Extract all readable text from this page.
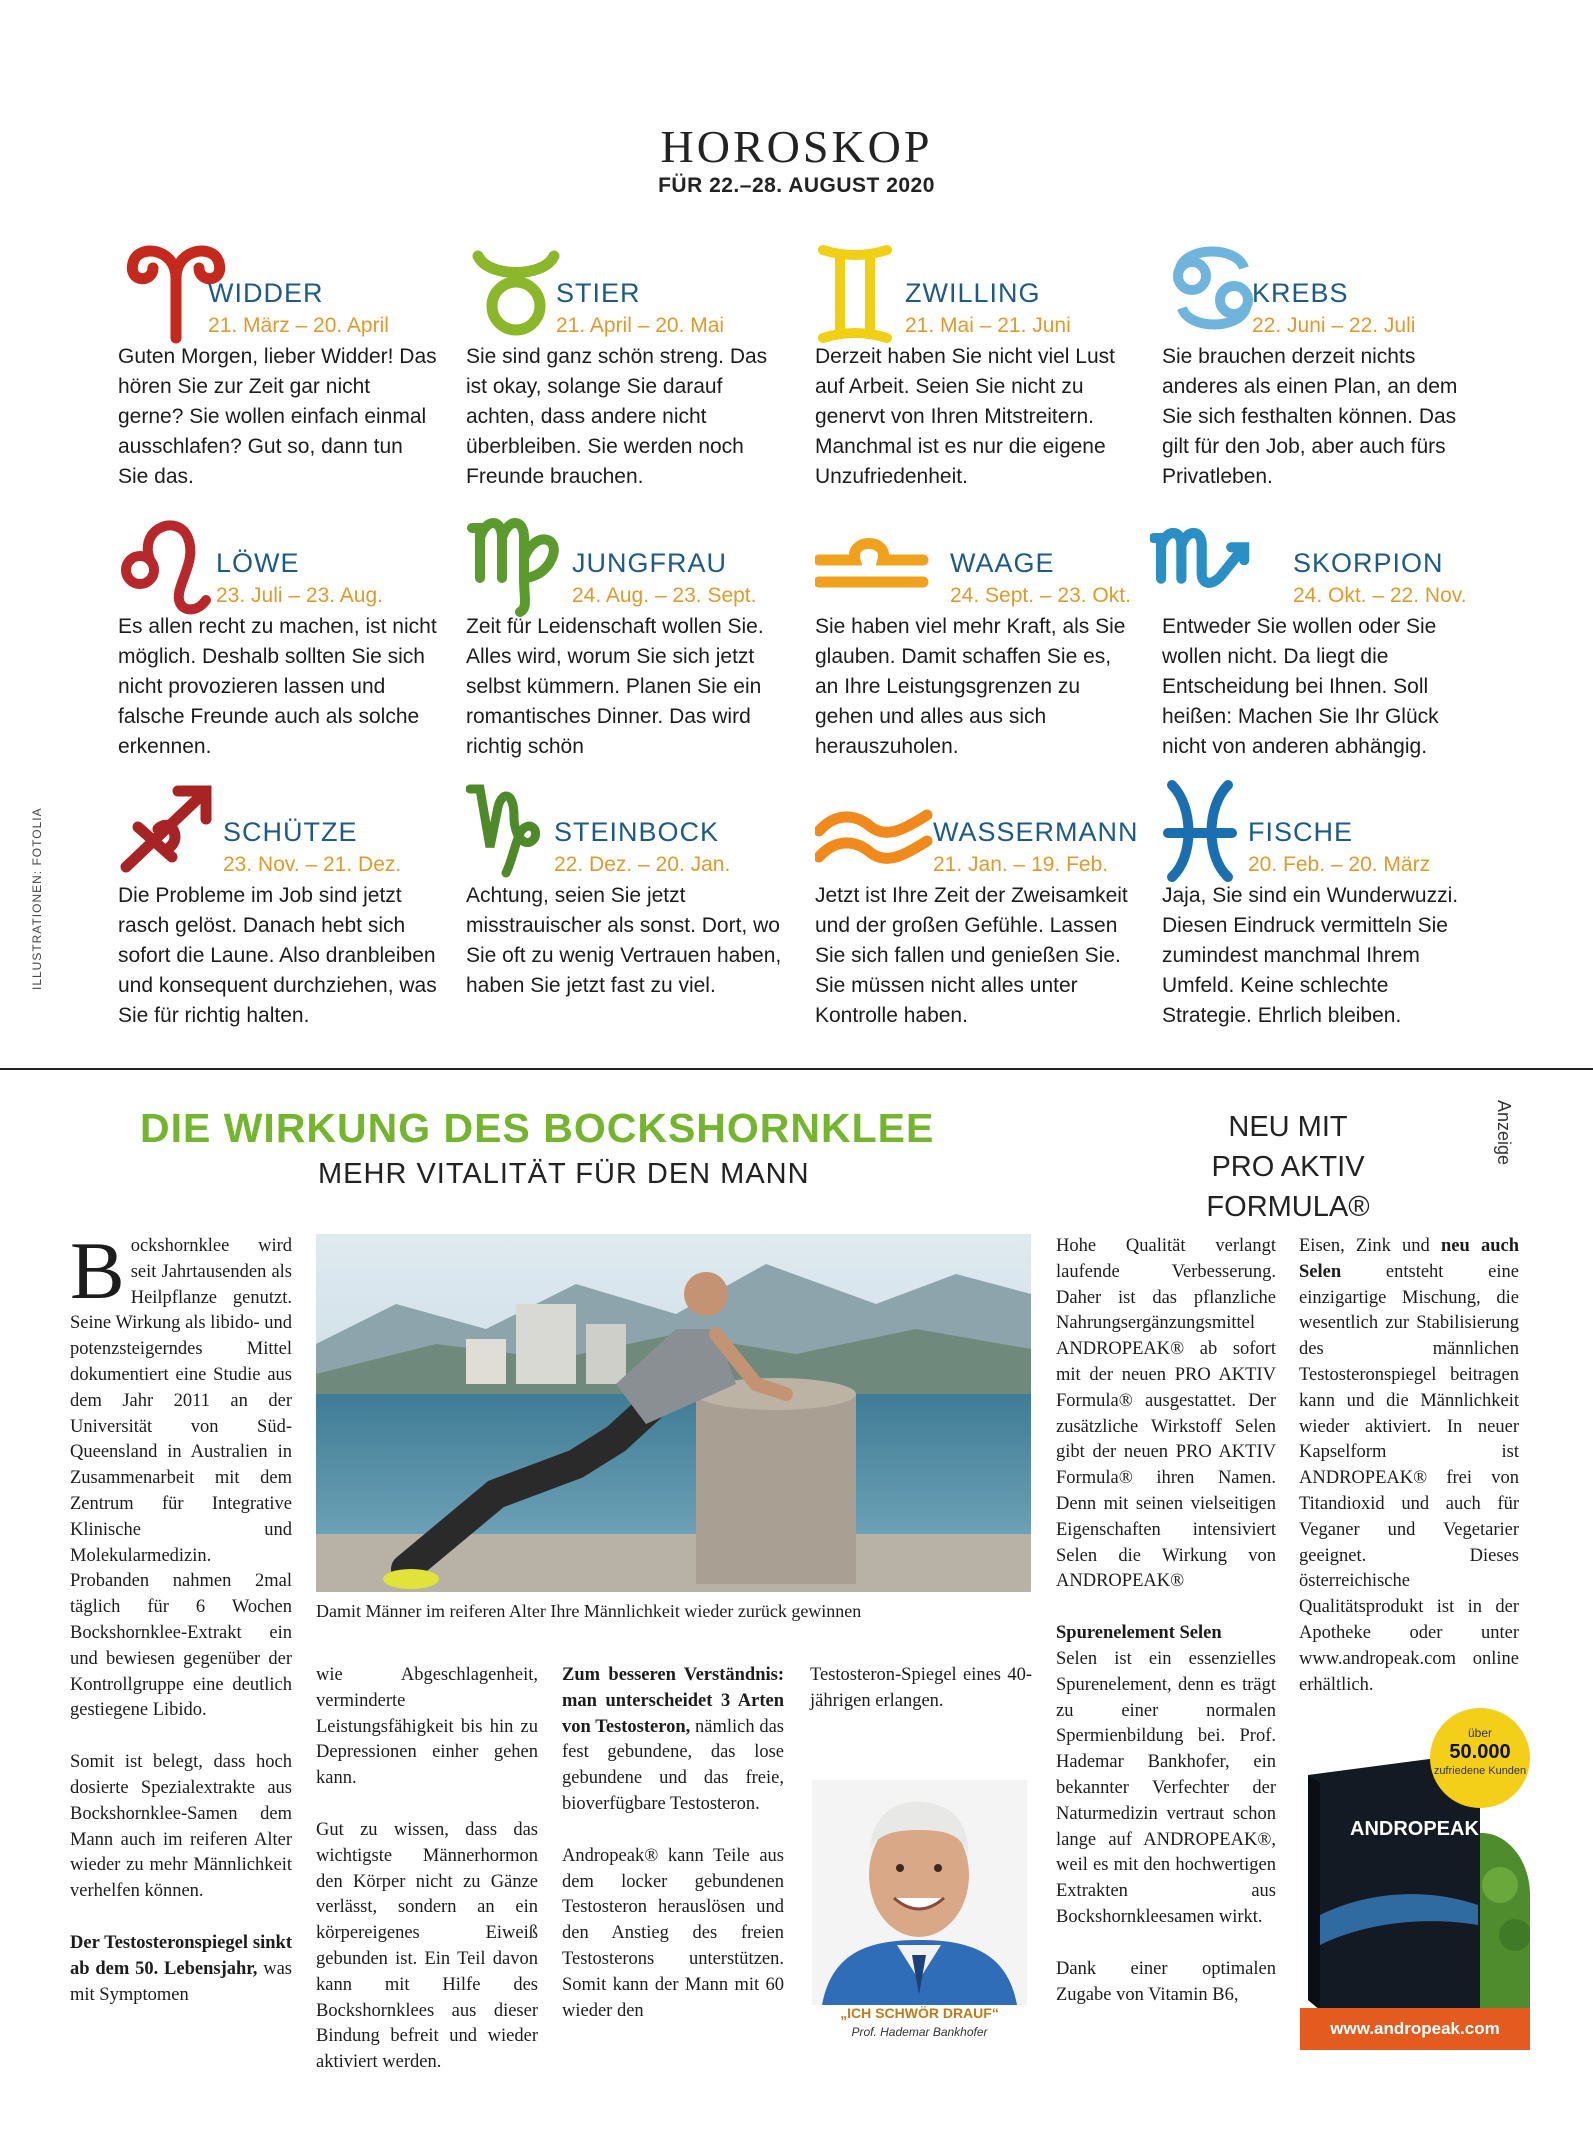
HOROSKOP
FÜR 22.–28. AUGUST 2020
ILLUSTRATIONEN: FOTOLIA
WIDDER
21. März – 20. April
Guten Morgen, lieber Widder! Das hören Sie zur Zeit gar nicht gerne? Sie wollen einfach einmal ausschlafen? Gut so, dann tun Sie das.
STIER
21. April – 20. Mai
Sie sind ganz schön streng. Das ist okay, solange Sie darauf achten, dass andere nicht überbleiben. Sie werden noch Freunde brauchen.
ZWILLING
21. Mai – 21. Juni
Derzeit haben Sie nicht viel Lust auf Arbeit. Seien Sie nicht zu genervt von Ihren Mitstreitern. Manchmal ist es nur die eigene Unzufriedenheit.
KREBS
22. Juni – 22. Juli
Sie brauchen derzeit nichts anderes als einen Plan, an dem Sie sich festhalten können. Das gilt für den Job, aber auch fürs Privatleben.
LÖWE
23. Juli – 23. Aug.
Es allen recht zu machen, ist nicht möglich. Deshalb sollten Sie sich nicht provozieren lassen und falsche Freunde auch als solche erkennen.
JUNGFRAU
24. Aug. – 23. Sept.
Zeit für Leidenschaft wollen Sie. Alles wird, worum Sie sich jetzt selbst kümmern. Planen Sie ein romantisches Dinner. Das wird richtig schön
WAAGE
24. Sept. – 23. Okt.
Sie haben viel mehr Kraft, als Sie glauben. Damit schaffen Sie es, an Ihre Leistungsgrenzen zu gehen und alles aus sich herauszuholen.
SKORPION
24. Okt. – 22. Nov.
Entweder Sie wollen oder Sie wollen nicht. Da liegt die Entscheidung bei Ihnen. Soll heißen: Machen Sie Ihr Glück nicht von anderen abhängig.
SCHÜTZE
23. Nov. – 21. Dez.
Die Probleme im Job sind jetzt rasch gelöst. Danach hebt sich sofort die Laune. Also dranbleiben und konsequent durchziehen, was Sie für richtig halten.
STEINBOCK
22. Dez. – 20. Jan.
Achtung, seien Sie jetzt misstrauischer als sonst. Dort, wo Sie oft zu wenig Vertrauen haben, haben Sie jetzt fast zu viel.
WASSERMANN
21. Jan. – 19. Feb.
Jetzt ist Ihre Zeit der Zweisamkeit und der großen Gefühle. Lassen Sie sich fallen und genießen Sie. Sie müssen nicht alles unter Kontrolle haben.
FISCHE
20. Feb. – 20. März
Jaja, Sie sind ein Wunderwuzzi. Diesen Eindruck vermitteln Sie zumindest manchmal Ihrem Umfeld. Keine schlechte Strategie. Ehrlich bleiben.
DIE WIRKUNG DES BOCKSHORNKLEE
MEHR VITALITÄT FÜR DEN MANN
NEU MIT
PRO AKTIV FORMULA®
Anzeige

Bockshornklee wird seit Jahrtausenden als Heilpflanze genutzt. Seine Wirkung als libido- und potenzsteigerndes Mittel dokumentiert eine Studie aus dem Jahr 2011 an der Universität von Süd-Queensland in Australien in Zusammenarbeit mit dem Zentrum für Integrative Klinische und Molekularmedizin. Probanden nahmen 2mal täglich für 6 Wochen Bockshornklee-Extrakt ein und bewiesen gegenüber der Kontrollgruppe eine deutlich gestiegene Libido.

Somit ist belegt, dass hoch dosierte Spezialextrakte aus Bockshornklee-Samen dem Mann auch im reiferen Alter wieder zu mehr Männlichkeit verhelfen können.

Der Testosteronspiegel sinkt ab dem 50. Lebensjahr, was mit Symptomen

Damit Männer im reiferen Alter Ihre Männlichkeit wieder zurück gewinnen

wie Abgeschlagenheit, verminderte Leistungsfähigkeit bis hin zu Depressionen einher gehen kann.

Gut zu wissen, dass das wichtigste Männerhormon den Körper nicht zu Gänze verlässt, sondern an ein körpereigenes Eiweiß gebunden ist. Ein Teil davon kann mit Hilfe des Bockshornklees aus dieser Bindung befreit und wieder aktiviert werden.

Zum besseren Verständnis: man unterscheidet 3 Arten von Testosteron, nämlich das fest gebundene, das lose gebundene und das freie, bioverfügbare Testosteron.

Andropeak® kann Teile aus dem locker gebundenen Testosteron herauslösen und den Anstieg des freien Testosterons unterstützen. Somit kann der Mann mit 60 wieder den

Testosteron-Spiegel eines 40-jährigen erlangen.

„ICH SCHWÖR DRAUF“
Prof. Hademar Bankhofer

Hohe Qualität verlangt laufende Verbesserung. Daher ist das pflanzliche Nahrungsergänzungsmittel ANDROPEAK® ab sofort mit der neuen PRO AKTIV Formula® ausgestattet. Der zusätzliche Wirkstoff Selen gibt der neuen PRO AKTIV Formula® ihren Namen. Denn mit seinen vielseitigen Eigenschaften intensiviert Selen die Wirkung von ANDROPEAK®

Spurenelement Selen
Selen ist ein essenzielles Spurenelement, denn es trägt zu einer normalen Spermienbildung bei. Prof. Hademar Bankhofer, ein bekannter Verfechter der Naturmedizin vertraut schon lange auf ANDROPEAK®, weil es mit den hochwertigen Extrakten aus Bockshornkleesamen wirkt.

Dank einer optimalen Zugabe von Vitamin B6,

Eisen, Zink und neu auch Selen entsteht eine einzigartige Mischung, die wesentlich zur Stabilisierung des männlichen Testosteronspiegel beitragen kann und die Männlichkeit wieder aktiviert. In neuer Kapselform ist ANDROPEAK® frei von Titandioxid und auch für Veganer und Vegetarier geeignet. Dieses österreichische Qualitätsprodukt ist in der Apotheke oder unter www.andropeak.com online erhältlich.

ANDROPEAK
über
50.000
zufriedene Kunden
www.andropeak.com
